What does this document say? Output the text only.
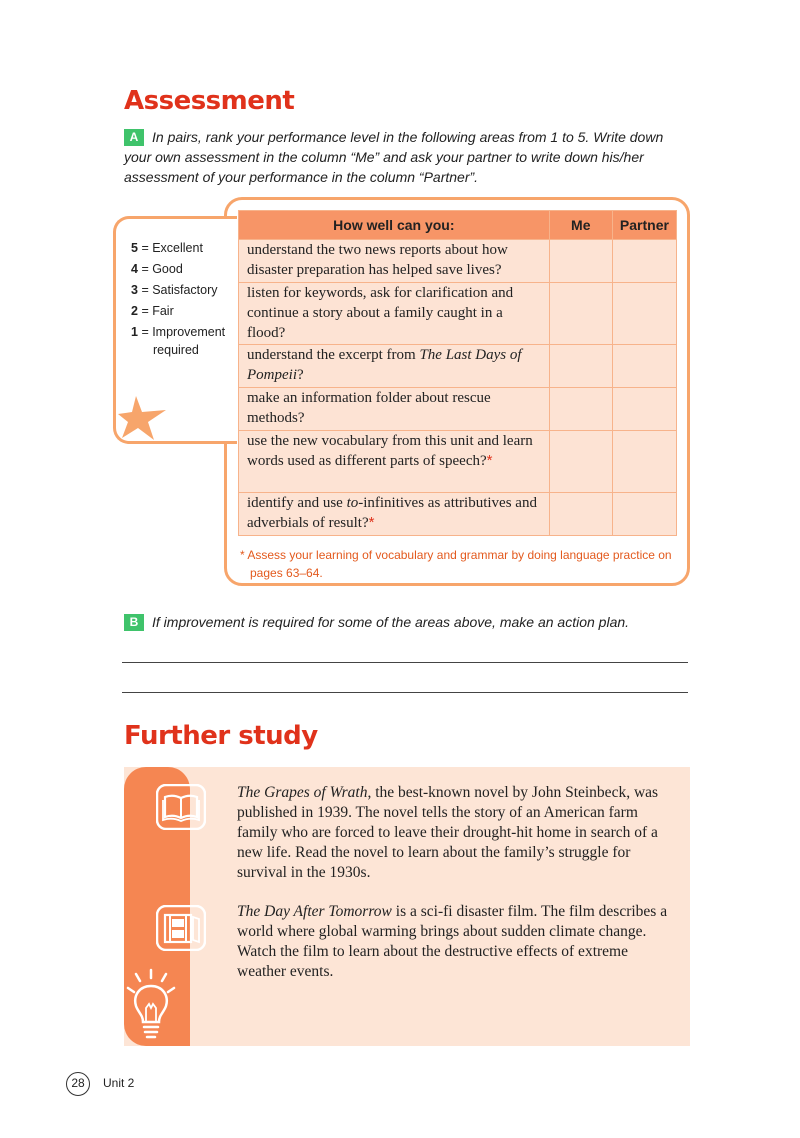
Assessment
A In pairs, rank your performance level in the following areas from 1 to 5. Write down your own assessment in the column “Me” and ask your partner to write down his/her assessment of your performance in the column “Partner”.
5 = Excellent
4 = Good
3 = Satisfactory
2 = Fair
1 = Improvement
required
How well can you:	Me	Partner
understand the two news reports about how disaster preparation has helped save lives?		
listen for keywords, ask for clarification and continue a story about a family caught in a flood?		
understand the excerpt from The Last Days of Pompeii?		
make an information folder about rescue methods?		
use the new vocabulary from this unit and learn words used as different parts of speech?*		
identify and use to-infinitives as attributives and adverbials of result?*		
* Assess your learning of vocabulary and grammar by doing language practice on pages 63–64.
B If improvement is required for some of the areas above, make an action plan.
Further study
The Grapes of Wrath, the best-known novel by John Steinbeck, was published in 1939. The novel tells the story of an American farm family who are forced to leave their drought-hit home in search of a new life. Read the novel to learn about the family’s struggle for survival in the 1930s.
The Day After Tomorrow is a sci-fi disaster film. The film describes a world where global warming brings about sudden climate change. Watch the film to learn about the destructive effects of extreme weather events.
28	Unit 2
